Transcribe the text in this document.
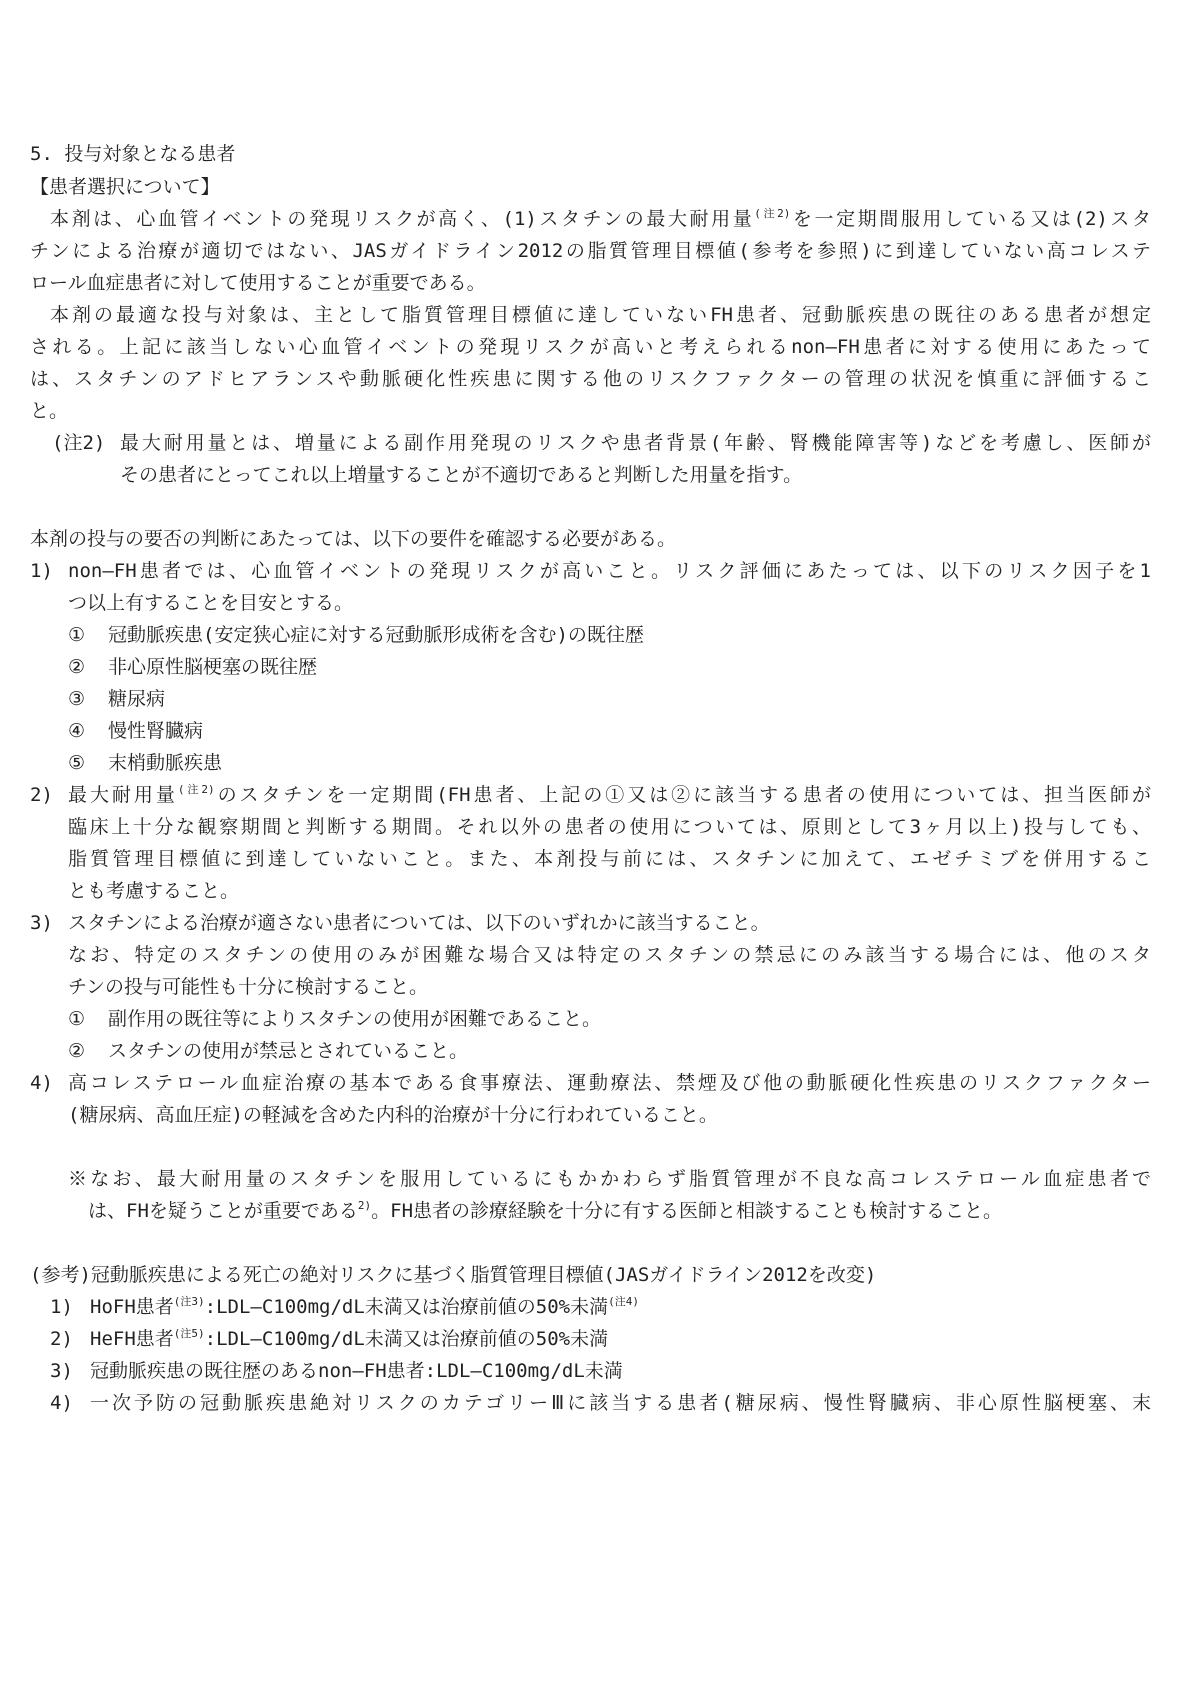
5. 投与対象となる患者
【患者選択について】
本剤は、心血管イベントの発現リスクが高く、(1)スタチンの最大耐用量$^{(注2)}$を一定期間服用している又は(2)スタ
チンによる治療が適切ではない、JASガイドライン2012の脂質管理目標値(参考を参照)に到達していない高コレステ
ロール血症患者に対して使用することが重要である。
本剤の最適な投与対象は、主として脂質管理目標値に達していないFH患者、冠動脈疾患の既往のある患者が想定
される。上記に該当しない心血管イベントの発現リスクが高いと考えられるnon―FH患者に対する使用にあたって
は、スタチンのアドヒアランスや動脈硬化性疾患に関する他のリスクファクターの管理の状況を慎重に評価するこ
と。
(注2) 最大耐用量とは、増量による副作用発現のリスクや患者背景(年齢、腎機能障害等)などを考慮し、医師が
その患者にとってこれ以上増量することが不適切であると判断した用量を指す。
本剤の投与の要否の判断にあたっては、以下の要件を確認する必要がある。
1) non―FH患者では、心血管イベントの発現リスクが高いこと。リスク評価にあたっては、以下のリスク因子を1
つ以上有することを目安とする。
① 冠動脈疾患(安定狭心症に対する冠動脈形成術を含む)の既往歴
② 非心原性脳梗塞の既往歴
③ 糖尿病
④ 慢性腎臓病
⑤ 末梢動脈疾患
2) 最大耐用量$^{(注2)}$のスタチンを一定期間(FH患者、上記の①又は②に該当する患者の使用については、担当医師が
臨床上十分な観察期間と判断する期間。それ以外の患者の使用については、原則として3ヶ月以上)投与しても、
脂質管理目標値に到達していないこと。また、本剤投与前には、スタチンに加えて、エゼチミブを併用するこ
とも考慮すること。
3) スタチンによる治療が適さない患者については、以下のいずれかに該当すること。
なお、特定のスタチンの使用のみが困難な場合又は特定のスタチンの禁忌にのみ該当する場合には、他のスタ
チンの投与可能性も十分に検討すること。
① 副作用の既往等によりスタチンの使用が困難であること。
② スタチンの使用が禁忌とされていること。
4) 高コレステロール血症治療の基本である食事療法、運動療法、禁煙及び他の動脈硬化性疾患のリスクファクター
(糖尿病、高血圧症)の軽減を含めた内科的治療が十分に行われていること。
※なお、最大耐用量のスタチンを服用しているにもかかわらず脂質管理が不良な高コレステロール血症患者で
は、FHを疑うことが重要である$^{2)}$。FH患者の診療経験を十分に有する医師と相談することも検討すること。
(参考)冠動脈疾患による死亡の絶対リスクに基づく脂質管理目標値(JASガイドライン2012を改変)
1) HoFH患者$^{(注3)}$:LDL―C100mg/dL未満又は治療前値の50%未満$^{(注4)}$
2) HeFH患者$^{(注5)}$:LDL―C100mg/dL未満又は治療前値の50%未満
3) 冠動脈疾患の既往歴のあるnon―FH患者:LDL―C100mg/dL未満
4) 一次予防の冠動脈疾患絶対リスクのカテゴリーⅢに該当する患者(糖尿病、慢性腎臓病、非心原性脳梗塞、末
